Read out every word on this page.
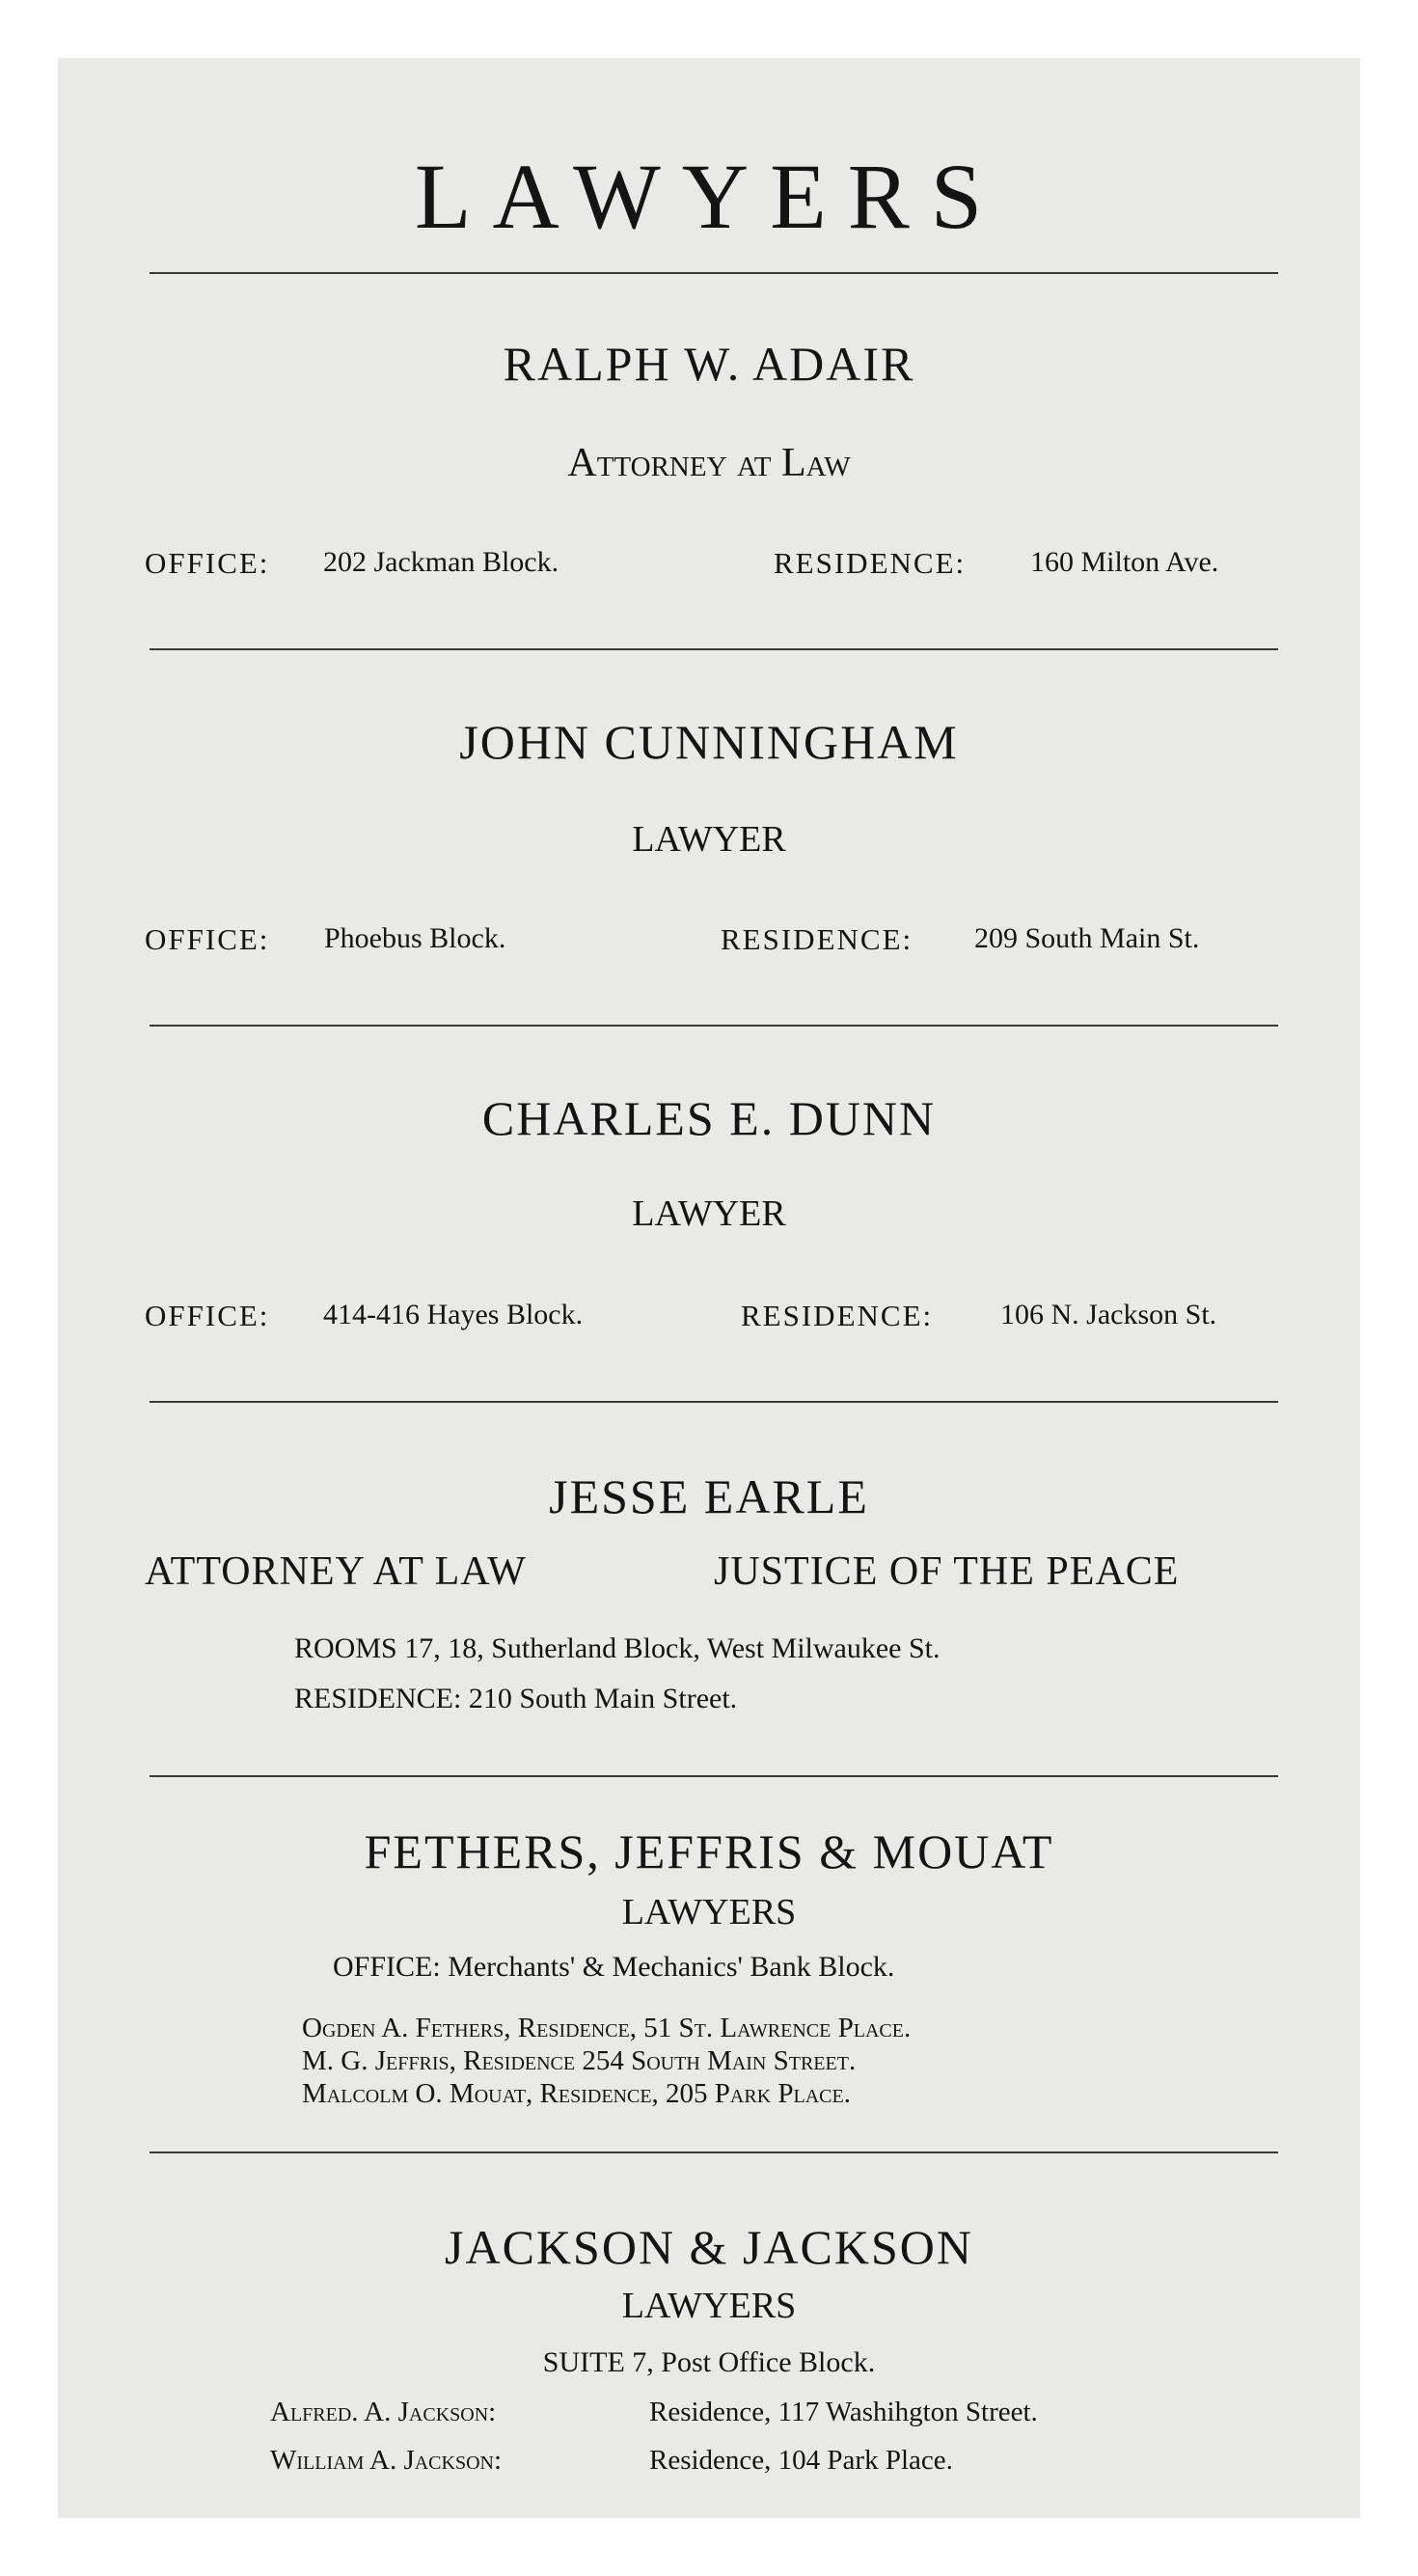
LAWYERS
RALPH W. ADAIR
Attorney at Law
OFFICE: 202 Jackman Block.	RESIDENCE: 160 Milton Ave.
JOHN CUNNINGHAM
LAWYER
OFFICE: Phoebus Block.	RESIDENCE: 209 South Main St.
CHARLES E. DUNN
LAWYER
OFFICE: 414-416 Hayes Block.	RESIDENCE: 106 N. Jackson St.
JESSE EARLE
ATTORNEY AT LAW	JUSTICE OF THE PEACE
ROOMS 17, 18, Sutherland Block, West Milwaukee St.
RESIDENCE: 210 South Main Street.
FETHERS, JEFFRIS & MOUAT
LAWYERS
OFFICE: Merchants' & Mechanics' Bank Block.
Ogden A. Fethers, Residence, 51 St. Lawrence Place.
M. G. Jeffris, Residence 254 South Main Street.
Malcolm O. Mouat, Residence, 205 Park Place.
JACKSON & JACKSON
LAWYERS
SUITE 7, Post Office Block.
Alfred. A. Jackson:	Residence, 117 Washihgton Street.
William A. Jackson:	Residence, 104 Park Place.
